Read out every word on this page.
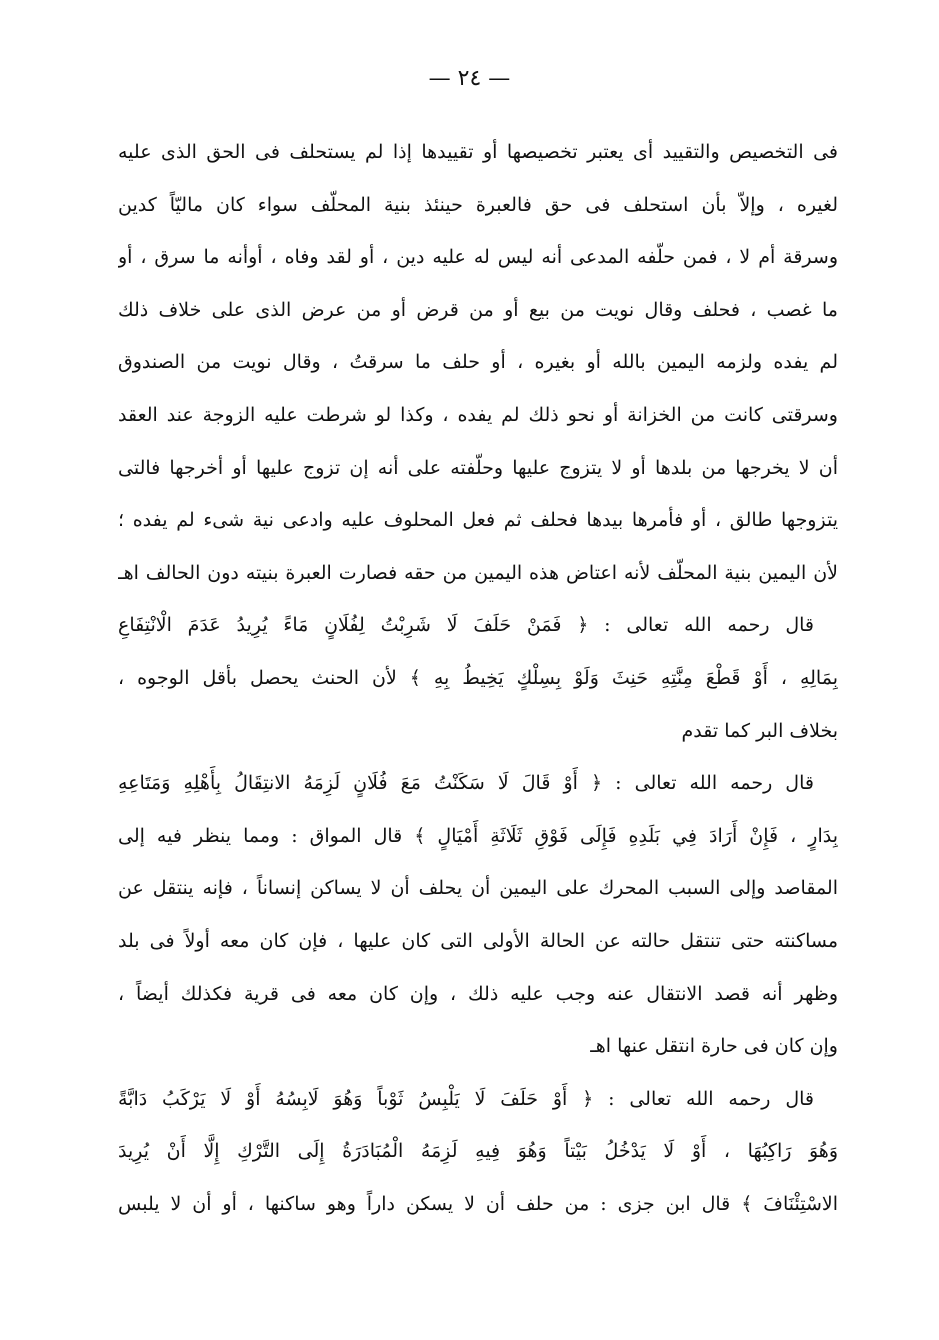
— ٢٤ —
فى التخصيص والتقييد أى يعتبر تخصيصها أو تقييدها إذا لم يستحلف فى الحق الذى عليه
لغيره ، وإلاّ بأن استحلف فى حق فالعبرة حينئذ بنية المحلّف سواء كان ماليّاً كدين
وسرقة أم لا ، فمن حلّفه المدعى أنه ليس له عليه دين ، أو لقد وفاه ، أوأنه ما سرق ، أو
ما غصب ، فحلف وقال نويت من بيع أو من قرض أو من عرض الذى على خلاف ذلك
لم يفده ولزمه اليمين بالله أو بغيره ، أو حلف ما سرقتُ ، وقال نويت من الصندوق
وسرقتى كانت من الخزانة أو نحو ذلك لم يفده ، وكذا لو شرطت عليه الزوجة عند العقد
أن لا يخرجها من بلدها أو لا يتزوج عليها وحلّفته على أنه إن تزوج عليها أو أخرجها فالتى
يتزوجها طالق ، أو فأمرها بيدها فحلف ثم فعل المحلوف عليه وادعى نية شىء لم يفده ؛
لأن اليمين بنية المحلّف لأنه اعتاض هذه اليمين من حقه فصارت العبرة بنيته دون الحالف اهـ
قال رحمه الله تعالى : ﴿ فَمَنْ حَلَفَ لَا شَرِبْتُ لِفُلَانٍ مَاءً يُرِيدُ عَدَمَ الْانْتِفَاعِ
بِمَالِهِ ، أَوْ قَطْعَ مِنَّتِهِ حَنِثَ وَلَوْ بِسِلْكٍ يَخِيطُ بِهِ ﴾ لأن الحنث يحصل بأقل الوجوه ،
بخلاف البر كما تقدم
قال رحمه الله تعالى : ﴿ أَوْ قَالَ لَا سَكَنْتُ مَعَ فُلَانٍ لَزِمَهُ الانتِقَالُ بِأَهْلِهِ وَمَتَاعِهِ
بِدَارٍ ، فَإِنْ أَرَادَ فِي بَلَدِهِ فَإِلَى فَوْقِ ثَلَاثَةِ أَمْيَالٍ ﴾ قال المواق : ومما ينظر فيه إلى
المقاصد وإلى السبب المحرك على اليمين أن يحلف أن لا يساكن إنساناً ، فإنه ينتقل عن
مساكنته حتى تنتقل حالته عن الحالة الأولى التى كان عليها ، فإن كان معه أولاً فى بلد
وظهر أنه قصد الانتقال عنه وجب عليه ذلك ، وإن كان معه فى قرية فكذلك أيضاً ،
وإن كان فى حارة انتقل عنها اهـ
قال رحمه الله تعالى : ﴿ أَوْ حَلَفَ لَا يَلْبِسُ ثَوْباً وَهُوَ لَابِسُهُ أَوْ لَا يَرْكَبُ دَابَّةً
وَهُوَ رَاكِبُهَا ، أَوْ لَا يَدْخُلُ بَيْتاً وَهُوَ فِيهِ لَزِمَهُ الْمُبَادَرَةُ إِلَى التَّرْكِ إِلَّا أَنْ يُرِيدَ
الاسْتِئْنَافَ ﴾ قال ابن جزى : من حلف أن لا يسكن داراً وهو ساكنها ، أو أن لا يلبس
